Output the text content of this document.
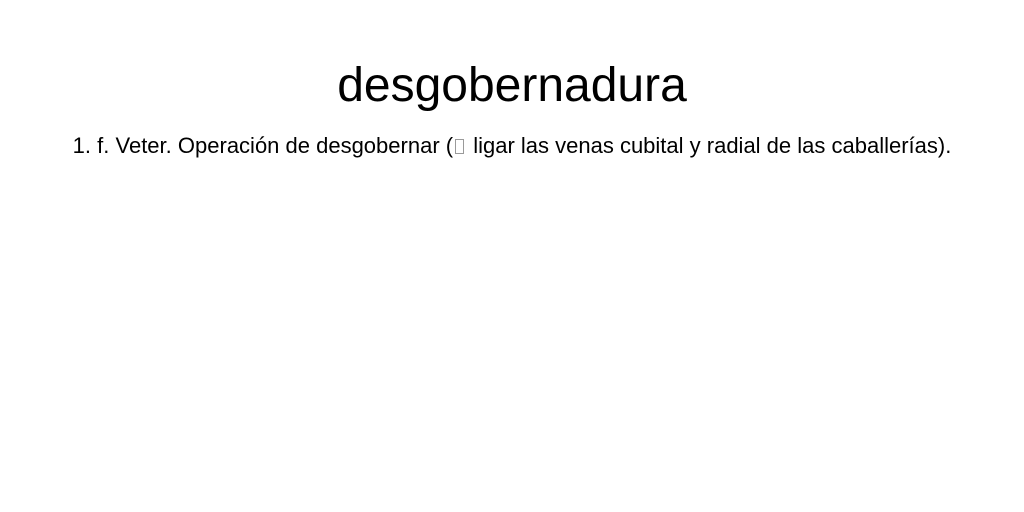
desgobernadura

1. f. Veter. Operación de desgobernar ( ligar las venas cubital y radial de las caballerías).
